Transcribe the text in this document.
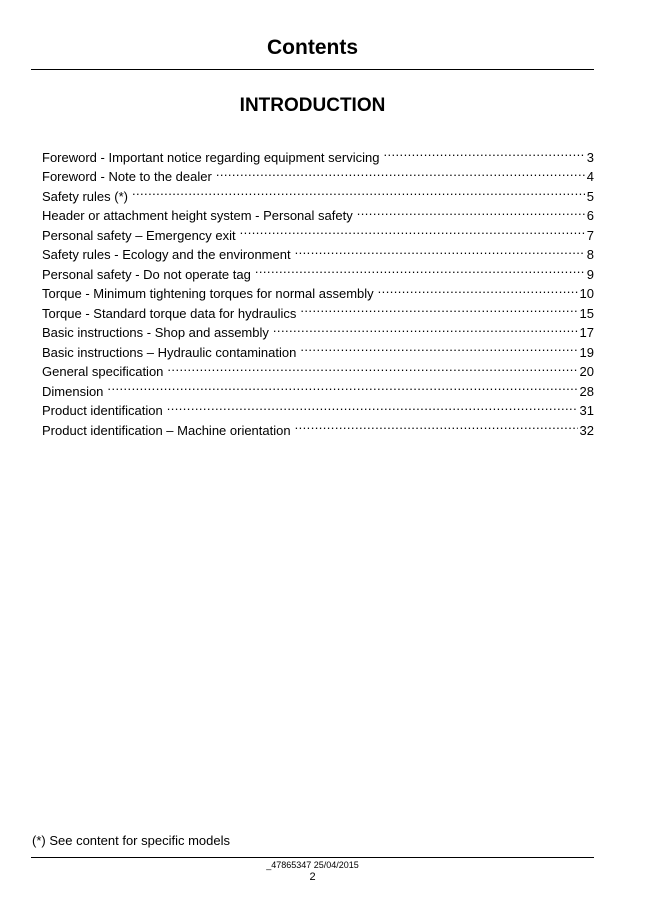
Contents
INTRODUCTION
Foreword - Important notice regarding equipment servicing . . .	3
Foreword - Note to the dealer . . .	4
Safety rules (*) . . .	5
Header or attachment height system - Personal safety . . .	6
Personal safety – Emergency exit . . .	7
Safety rules - Ecology and the environment . . .	8
Personal safety - Do not operate tag . . .	9
Torque - Minimum tightening torques for normal assembly . . .	10
Torque - Standard torque data for hydraulics . . .	15
Basic instructions - Shop and assembly . . .	17
Basic instructions – Hydraulic contamination . . .	19
General specification . . .	20
Dimension . . .	28
Product identification . . .	31
Product identification – Machine orientation . . .	32
(*) See content for specific models
_47865347 25/04/2015
2
